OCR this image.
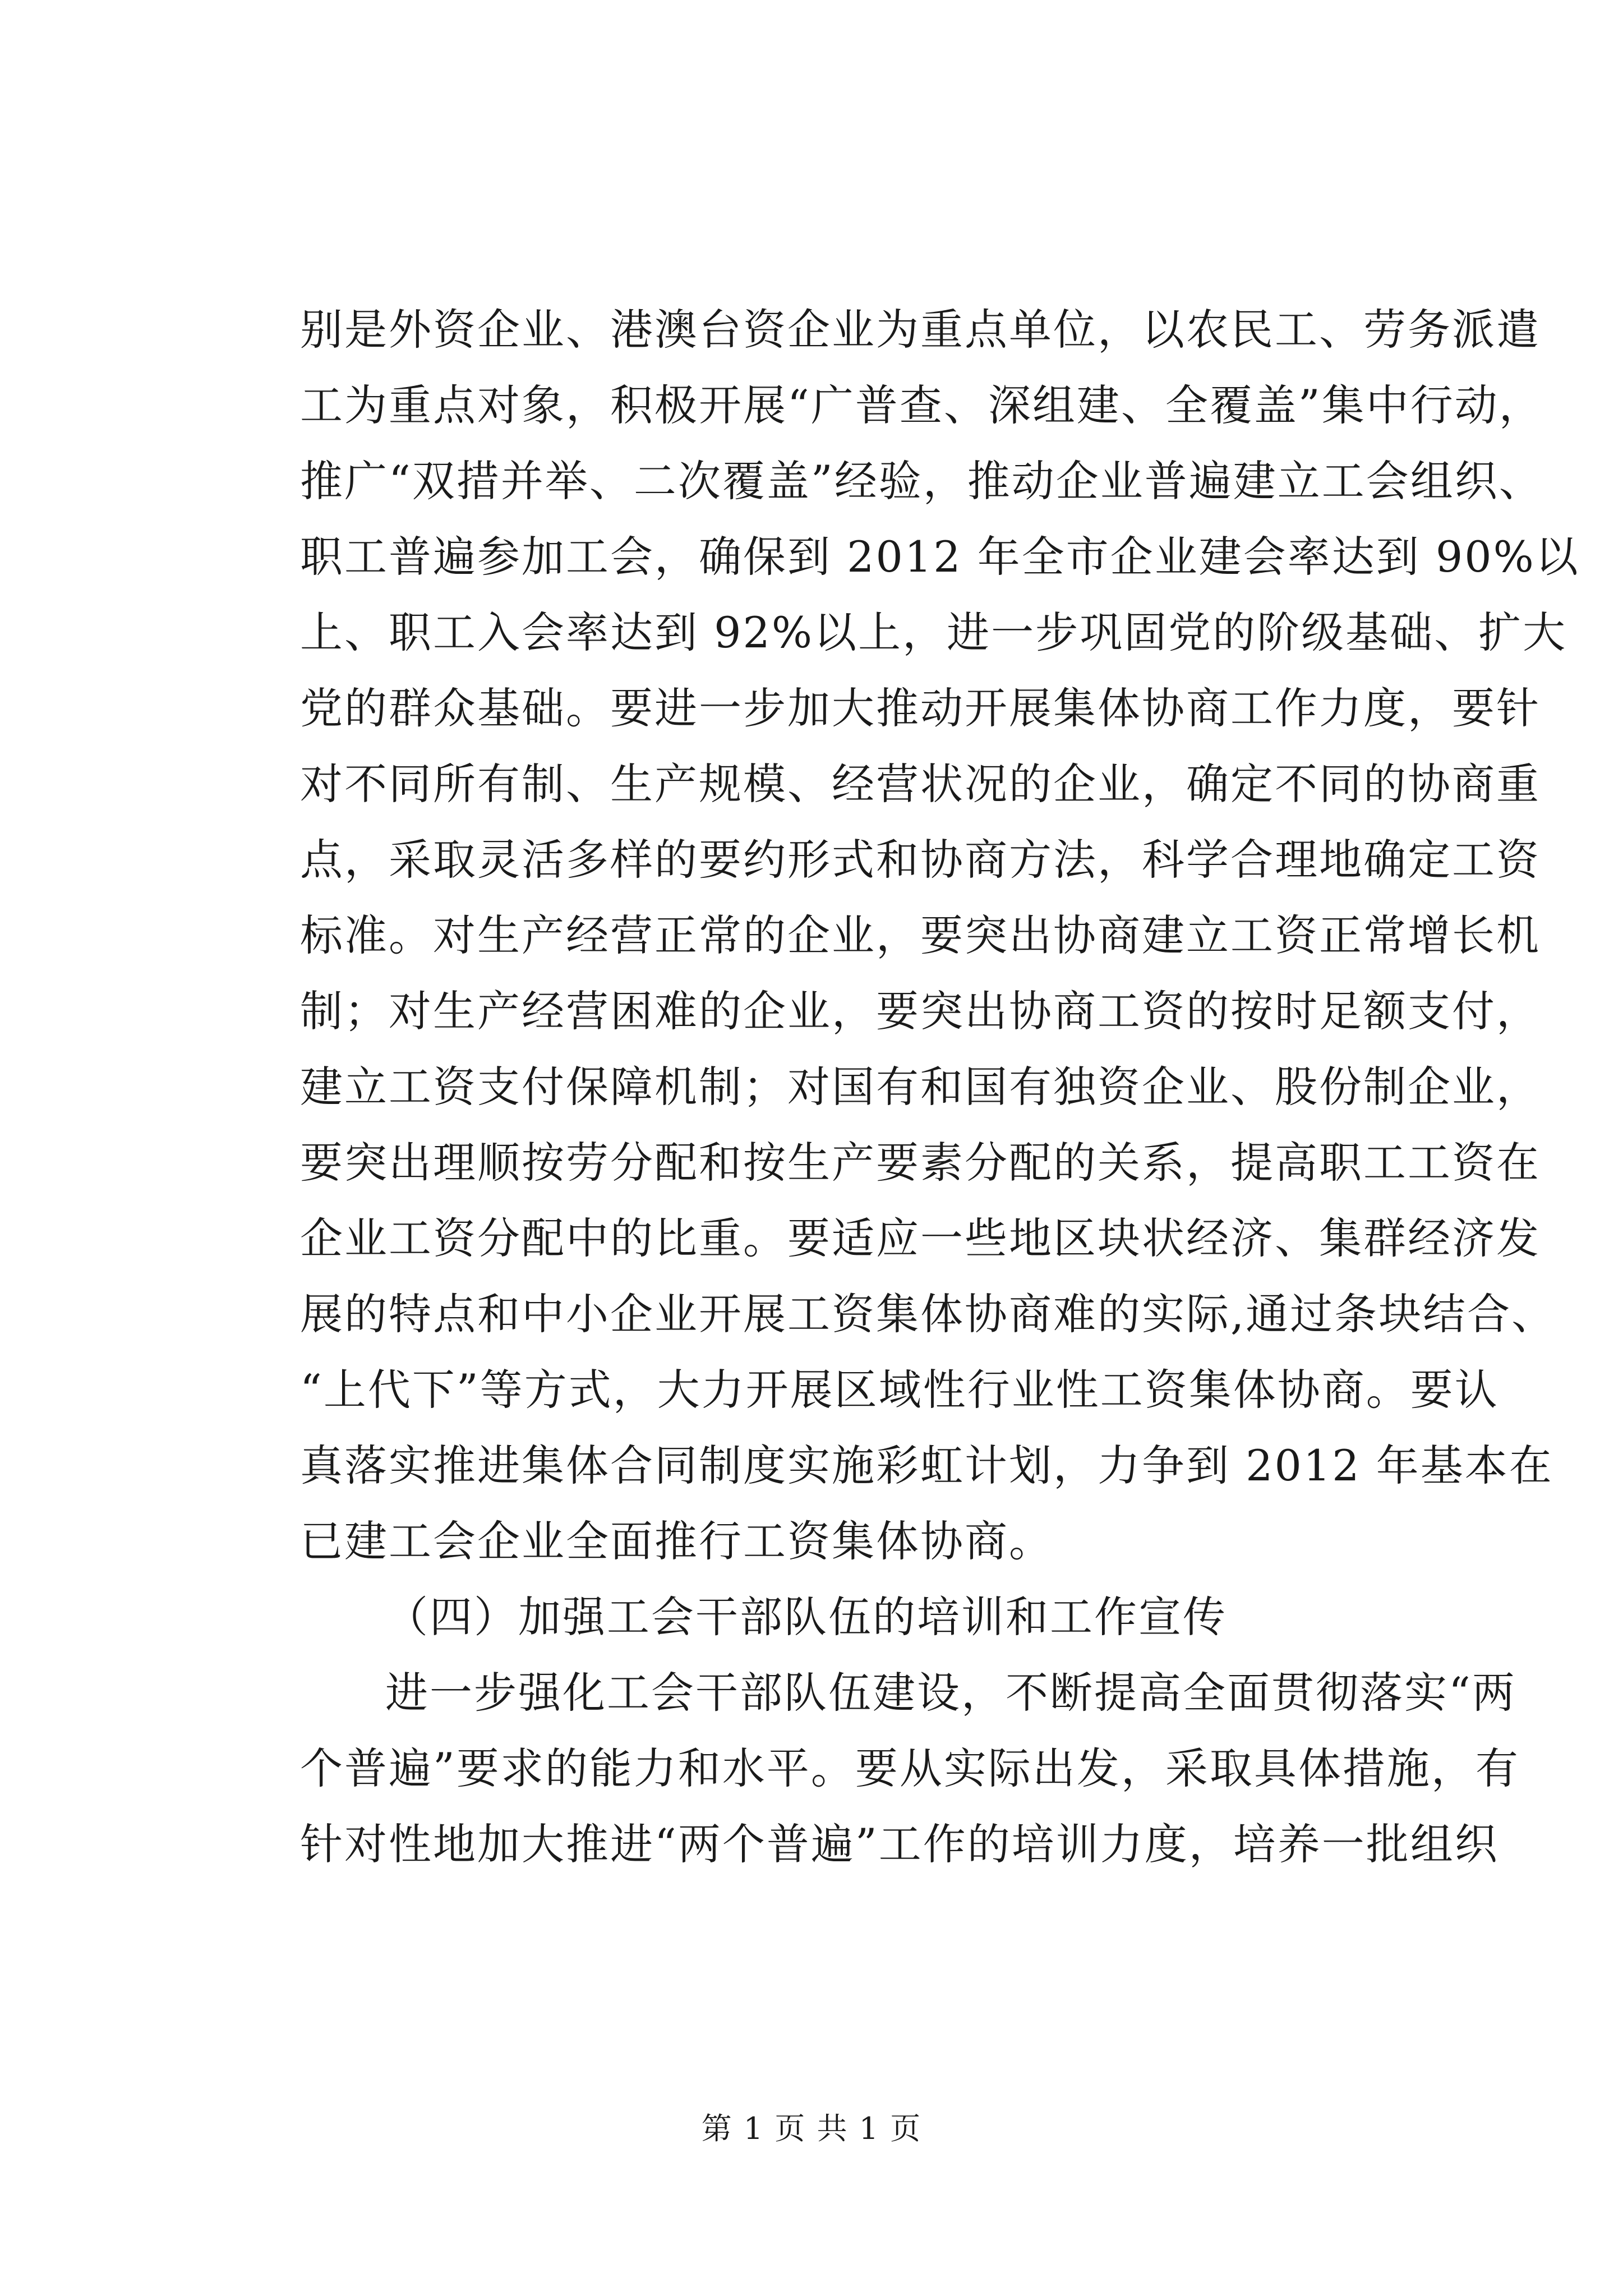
别是外资企业、港澳台资企业为重点单位，以农民工、劳务派遣
工为重点对象，积极开展“广普查、深组建、全覆盖”集中行动，
推广“双措并举、二次覆盖”经验，推动企业普遍建立工会组织、
职工普遍参加工会，确保到 2012 年全市企业建会率达到 90%以
上、职工入会率达到 92%以上，进一步巩固党的阶级基础、扩大
党的群众基础。要进一步加大推动开展集体协商工作力度，要针
对不同所有制、生产规模、经营状况的企业，确定不同的协商重
点，采取灵活多样的要约形式和协商方法，科学合理地确定工资
标准。对生产经营正常的企业，要突出协商建立工资正常增长机
制；对生产经营困难的企业，要突出协商工资的按时足额支付，
建立工资支付保障机制；对国有和国有独资企业、股份制企业，
要突出理顺按劳分配和按生产要素分配的关系，提高职工工资在
企业工资分配中的比重。要适应一些地区块状经济、集群经济发
展的特点和中小企业开展工资集体协商难的实际,通过条块结合、
“上代下”等方式，大力开展区域性行业性工资集体协商。要认
真落实推进集体合同制度实施彩虹计划，力争到 2012 年基本在
已建工会企业全面推行工资集体协商。
（四）加强工会干部队伍的培训和工作宣传
进一步强化工会干部队伍建设，不断提高全面贯彻落实“两
个普遍”要求的能力和水平。要从实际出发，采取具体措施，有
针对性地加大推进“两个普遍”工作的培训力度，培养一批组织
第 1 页 共 1 页
